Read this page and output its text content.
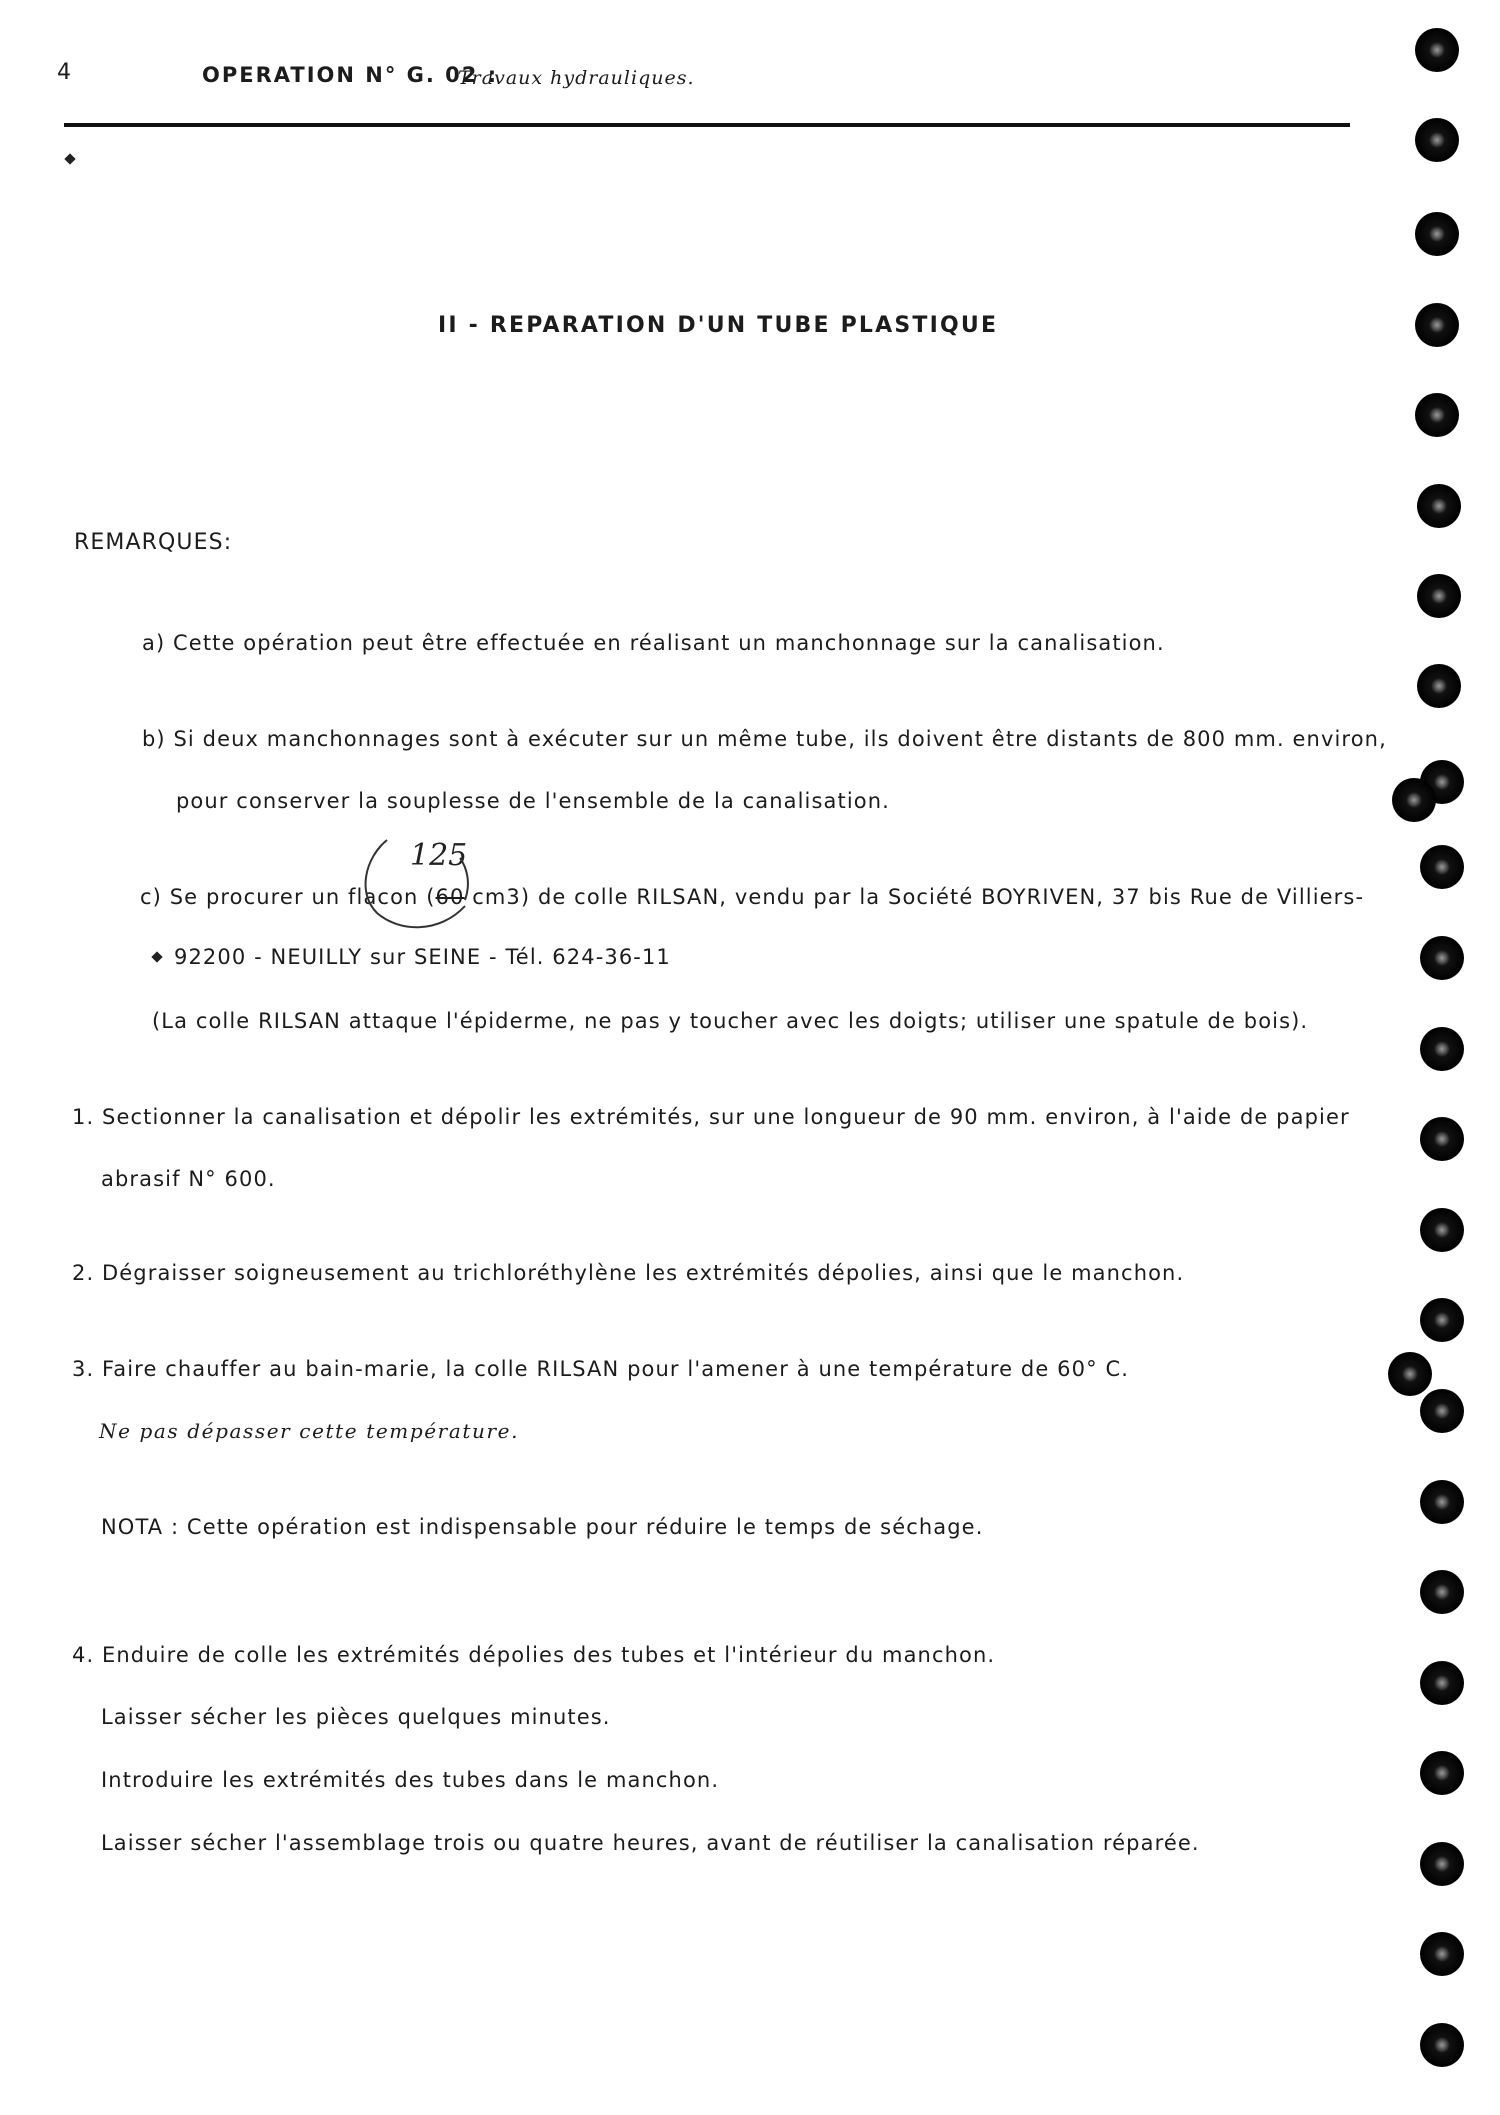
4	OPERATION N° G. 02 :
Travaux hydrauliques.
II - REPARATION D'UN TUBE PLASTIQUE
REMARQUES:
a) Cette opération peut être effectuée en réalisant un manchonnage sur la canalisation.
b) Si deux manchonnages sont à exécuter sur un même tube, ils doivent être distants de 800 mm. environ,
pour conserver la souplesse de l'ensemble de la canalisation.
c) Se procurer un flacon (60 cm3) de colle RILSAN, vendu par la Société BOYRIVEN, 37 bis Rue de Villiers-
125
92200 - NEUILLY sur SEINE - Tél. 624-36-11
(La colle RILSAN attaque l'épiderme, ne pas y toucher avec les doigts; utiliser une spatule de bois).
1. Sectionner la canalisation et dépolir les extrémités, sur une longueur de 90 mm. environ, à l'aide de papier
abrasif N° 600.
2. Dégraisser soigneusement au trichloréthylène les extrémités dépolies, ainsi que le manchon.
3. Faire chauffer au bain-marie, la colle RILSAN pour l'amener à une température de 60° C.
Ne pas dépasser cette température.
NOTA : Cette opération est indispensable pour réduire le temps de séchage.
4. Enduire de colle les extrémités dépolies des tubes et l'intérieur du manchon.
Laisser sécher les pièces quelques minutes.
Introduire les extrémités des tubes dans le manchon.
Laisser sécher l'assemblage trois ou quatre heures, avant de réutiliser la canalisation réparée.
